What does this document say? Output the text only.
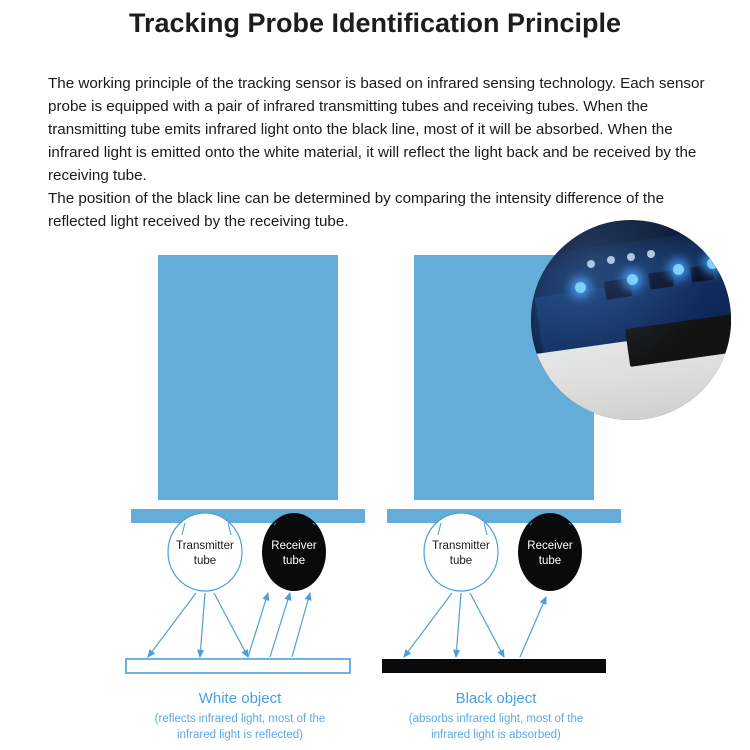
Tracking Probe Identification Principle

The working principle of the tracking sensor is based on infrared sensing technology. Each sensor probe is equipped with a pair of infrared transmitting tubes and receiving tubes. When the transmitting tube emits infrared light onto the black line, most of it will be absorbed. When the infrared light is emitted onto the white material, it will reflect the light back and be received by the receiving tube.

The position of the black line can be determined by comparing the intensity difference of the reflected light received by the receiving tube.

Transmitter
tube
Receiver
tube
White object
(reflects infrared light, most of the
infrared light is reflected)
Transmitter
tube
Receiver
tube
Black object
(absorbs infrared light, most of the
infrared light is absorbed)
